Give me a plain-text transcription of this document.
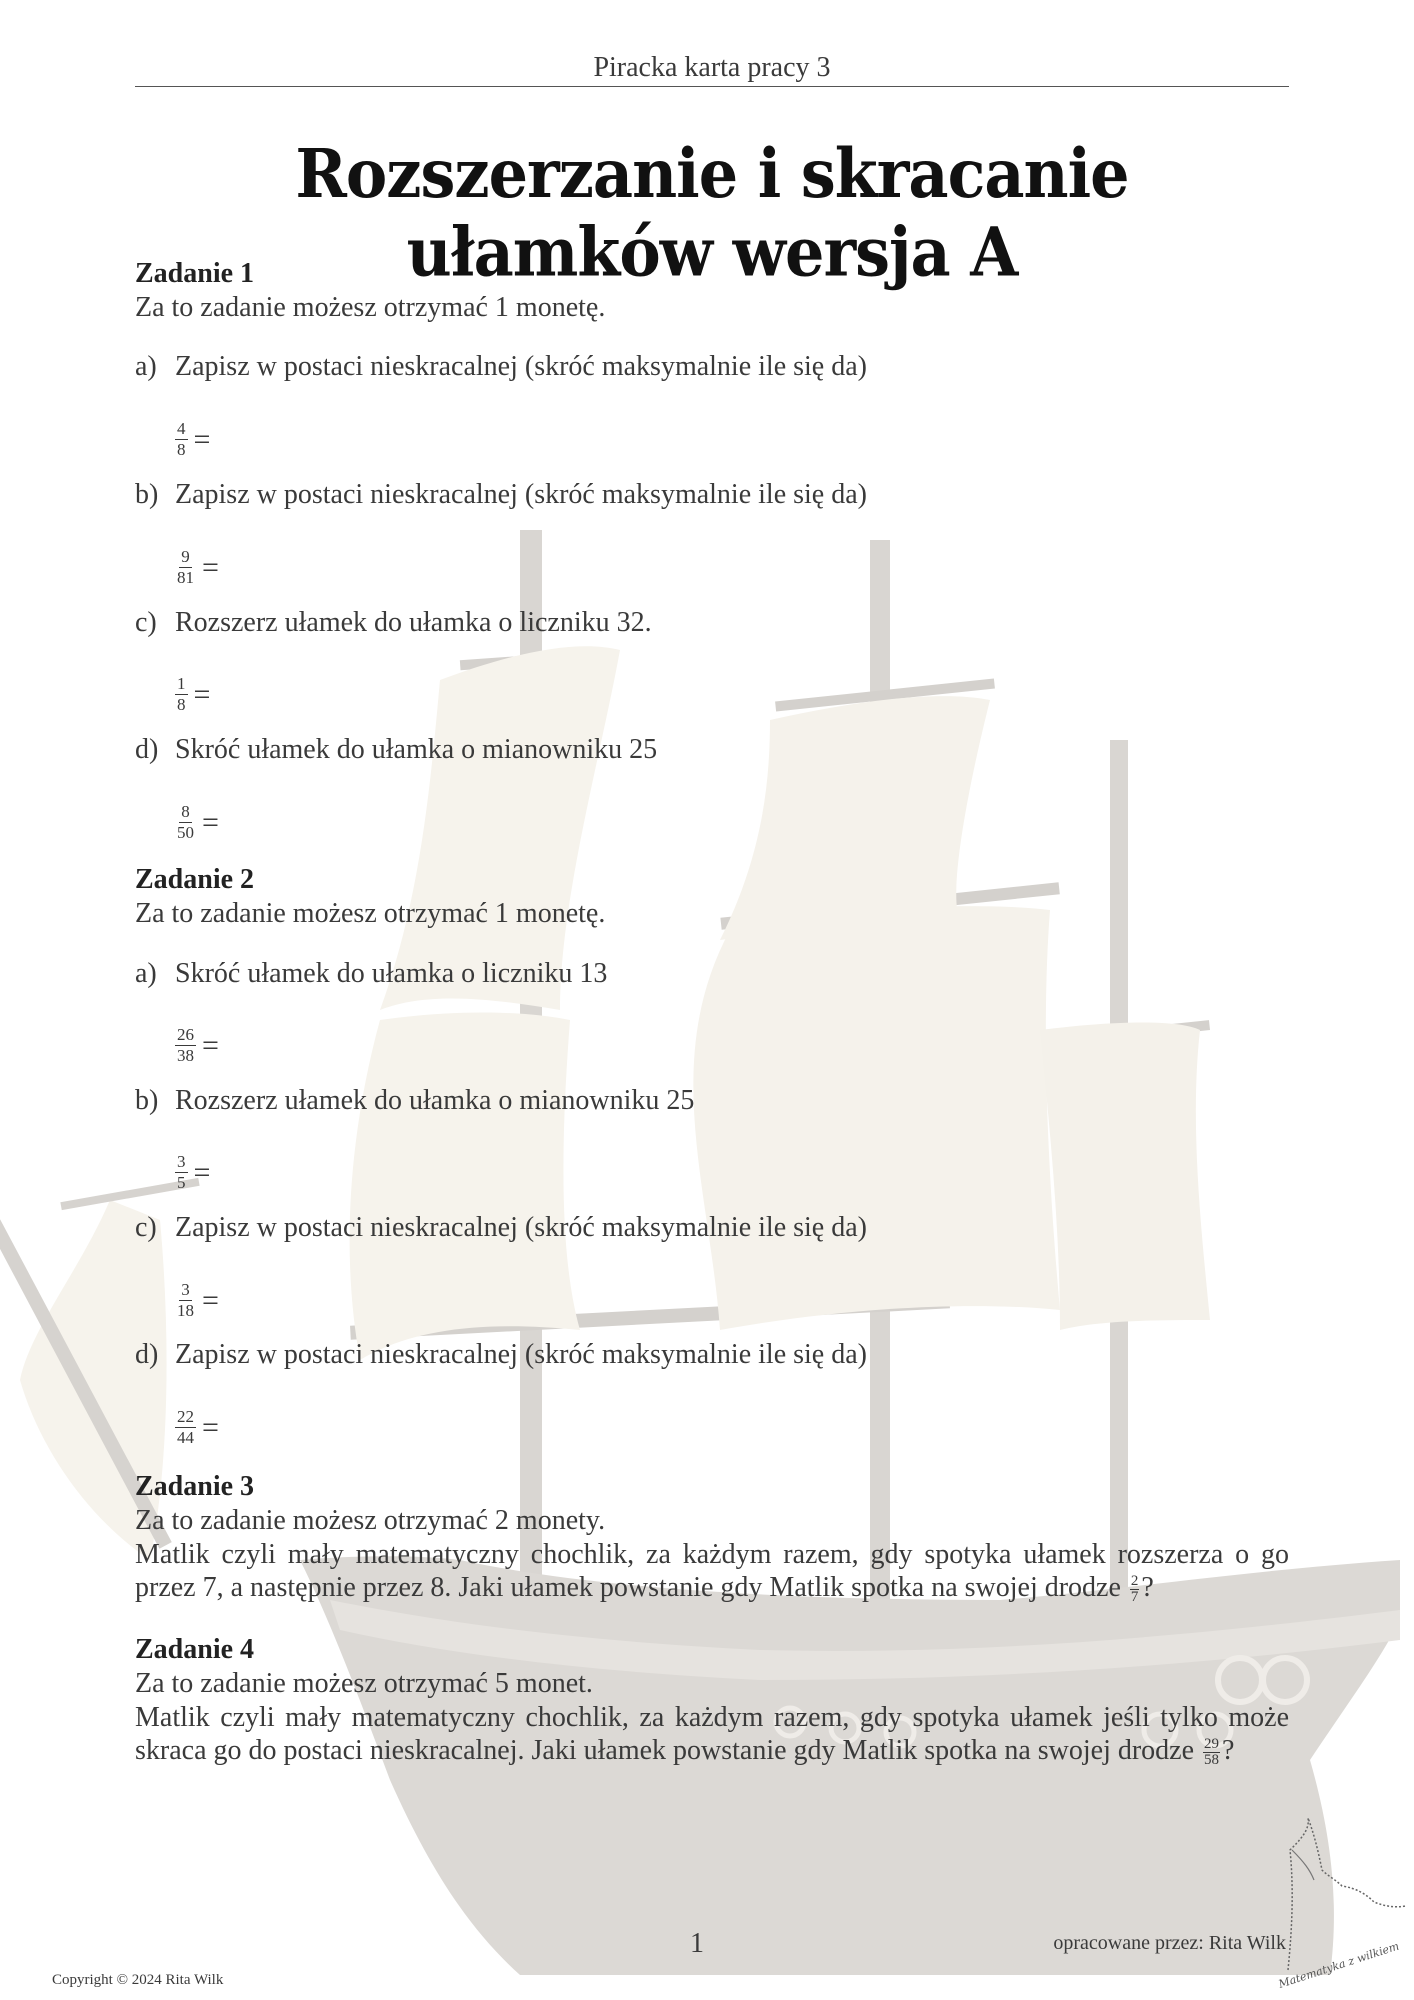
Piracka karta pracy 3
Rozszerzanie i skracanie ułamków wersja A
Zadanie 1
Za to zadanie możesz otrzymać 1 monetę.
a) Zapisz w postaci nieskracalnej (skróć maksymalnie ile się da)
$\frac{4}{8}$ =
b) Zapisz w postaci nieskracalnej (skróć maksymalnie ile się da)
$\frac{9}{81}$ =
c) Rozszerz ułamek do ułamka o liczniku 32.
$\frac{1}{8}$ =
d) Skróć ułamek do ułamka o mianowniku 25
$\frac{8}{50}$ =
Zadanie 2
Za to zadanie możesz otrzymać 1 monetę.
a) Skróć ułamek do ułamka o liczniku 13
$\frac{26}{38}$ =
b) Rozszerz ułamek do ułamka o mianowniku 25
$\frac{3}{5}$ =
c) Zapisz w postaci nieskracalnej (skróć maksymalnie ile się da)
$\frac{3}{18}$ =
d) Zapisz w postaci nieskracalnej (skróć maksymalnie ile się da)
$\frac{22}{44}$ =
Zadanie 3
Za to zadanie możesz otrzymać 2 monety.
Matlik czyli mały matematyczny chochlik, za każdym razem, gdy spotyka ułamek rozszerza o go przez 7, a następnie przez 8. Jaki ułamek powstanie gdy Matlik spotka na swojej drodze $\frac{2}{7}$ ?
Zadanie 4
Za to zadanie możesz otrzymać 5 monet.
Matlik czyli mały matematyczny chochlik, za każdym razem, gdy spotyka ułamek jeśli tylko może skraca go do postaci nieskracalnej. Jaki ułamek powstanie gdy Matlik spotka na swojej drodze $\frac{29}{58}$ ?
1	opracowane przez: Rita Wilk
Copyright © 2024 Rita Wilk	Matematyka z wilkiem
